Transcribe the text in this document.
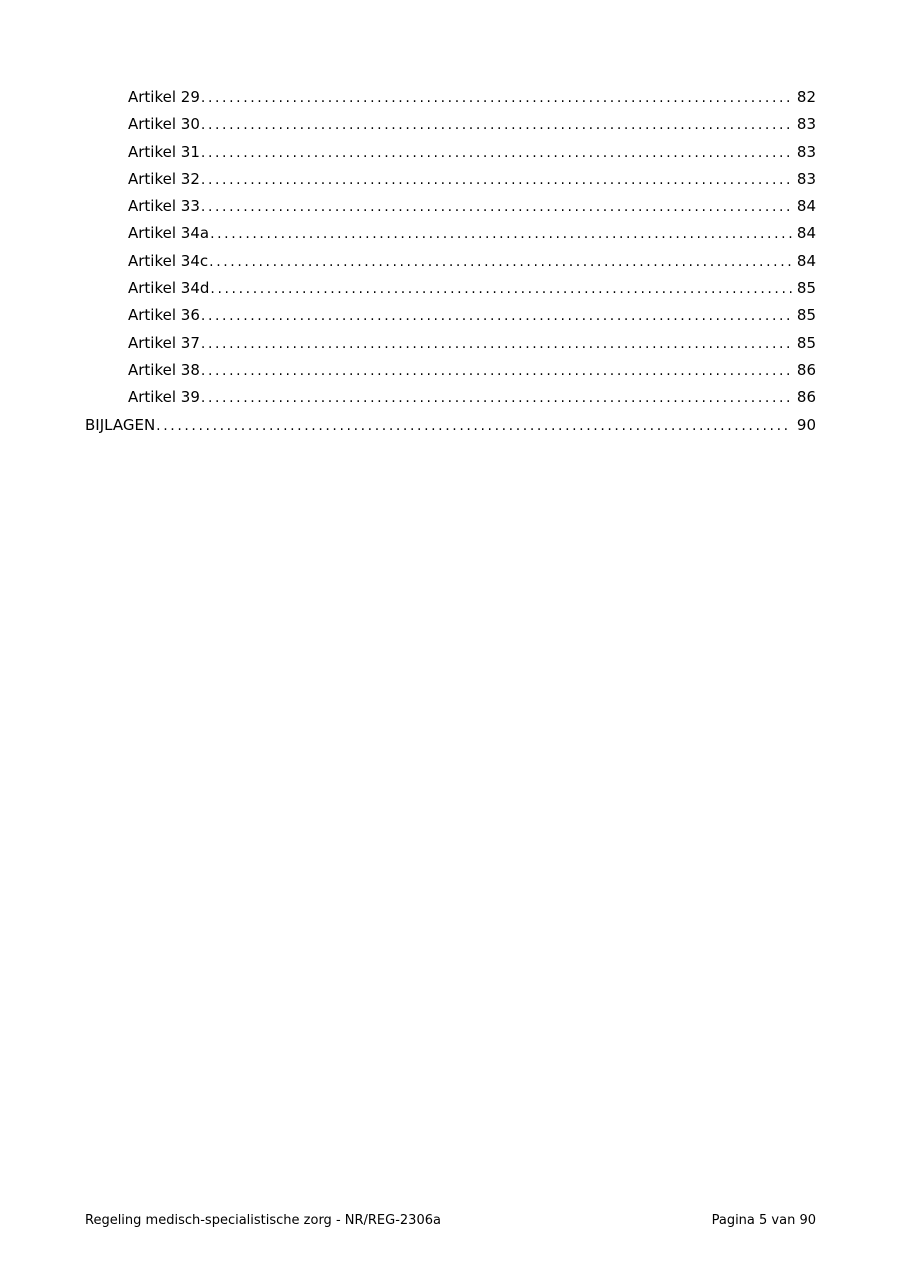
Artikel 29 .....	82
Artikel 30 .....	83
Artikel 31 .....	83
Artikel 32 .....	83
Artikel 33 .....	84
Artikel 34a .....	84
Artikel 34c .....	84
Artikel 34d .....	85
Artikel 36 .....	85
Artikel 37 .....	85
Artikel 38 .....	86
Artikel 39 .....	86
BIJLAGEN .....	90
Regeling medisch-specialistische zorg - NR/REG-2306a	Pagina 5 van 90
